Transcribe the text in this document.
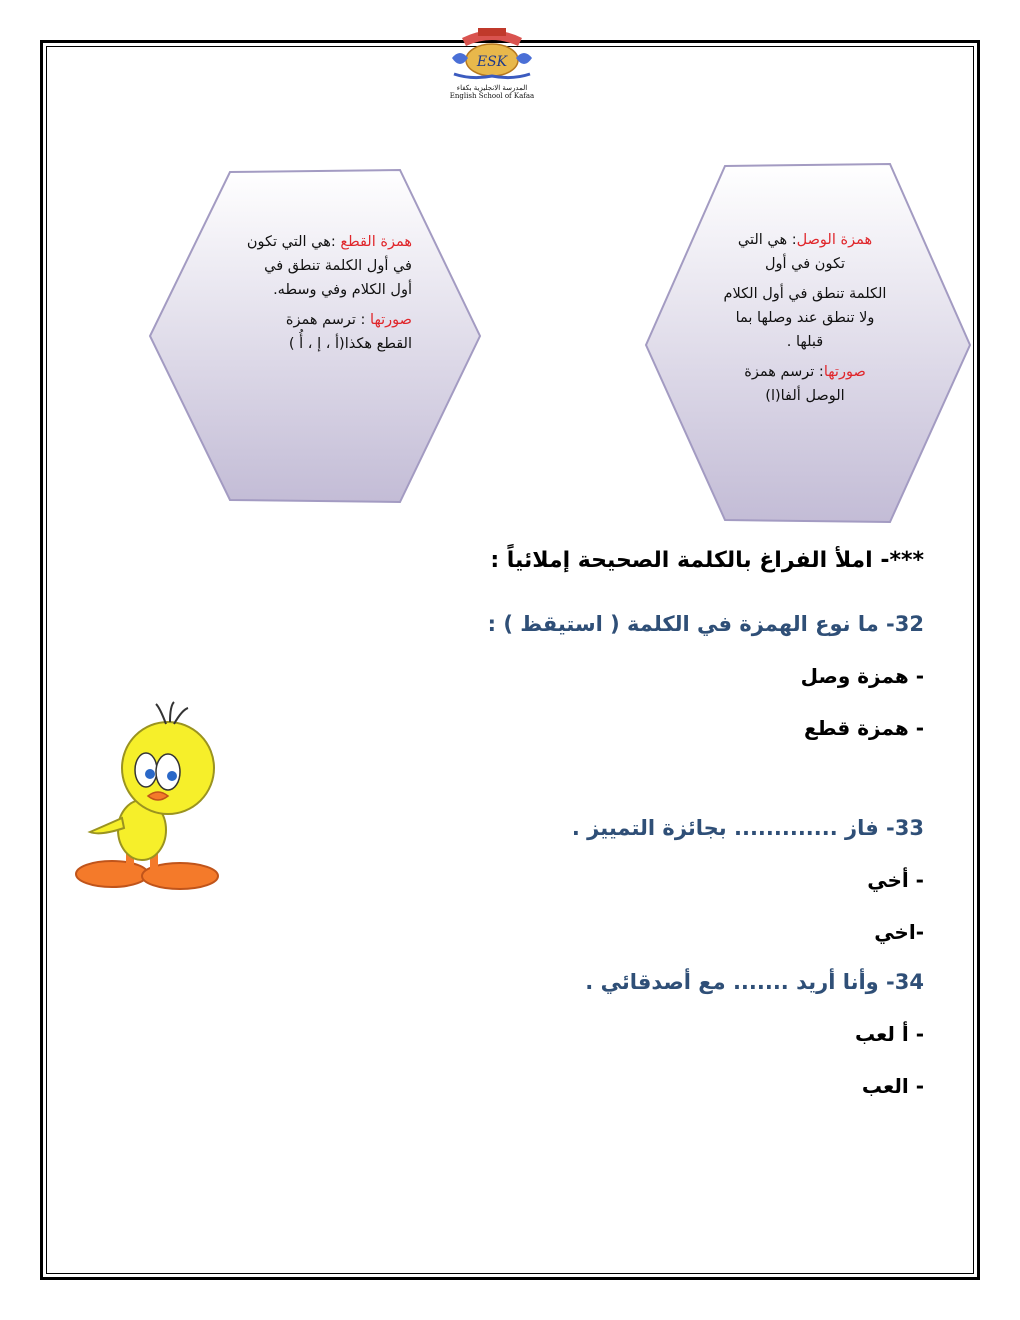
ESK
المدرسة الانجليزية بكفاء
English School of Kafaa

همزة الوصل: هي التي
تكون في أول

الكلمة تنطق في أول الكلام
ولا تنطق عند وصلها بما
قبلها .

صورتها: ترسم همزة
الوصل ألفا(ا)

همزة القطع :هي التي تكون
في أول الكلمة تنطق في
أول الكلام وفي وسطه.

صورتها : ترسم همزة
القطع هكذا(أ ، إ ، أُ )

***- املأ الفراغ بالكلمة الصحيحة إملائياً :
32- ما نوع الهمزة في الكلمة ( استيقظ ) :
- همزة وصل
- همزة قطع
33- فاز ............. بجائزة التمييز .
- أخي
-اخي
34- وأنا أريد ....... مع أصدقائي .
- أ لعب
- العب
